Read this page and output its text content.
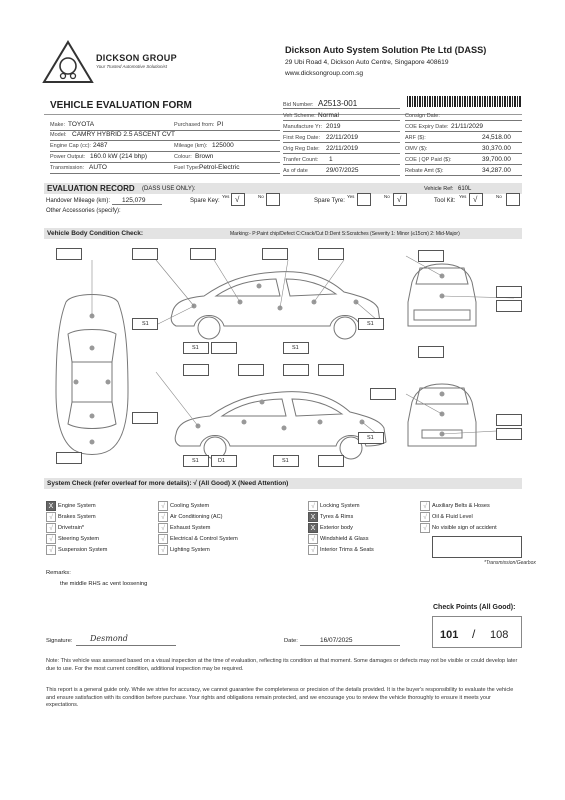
DICKSON GROUP
Your Trusted Automotive Solutionist
Dickson Auto System Solution Pte Ltd (DASS)
29 Ubi Road 4, Dickson Auto Centre, Singapore 408619
www.dicksongroup.com.sg
VEHICLE EVALUATION FORM	Bid Number: A2513-001
Make: TOYOTA
Model: CAMRY HYBRID 2.5 ASCENT CVT
Engine Cap (cc): 2487
Power Output: 160.0 kW (214 bhp)
Transmission: AUTO
Purchased from: PI
Mileage (km): 125000
Colour: Brown
Fuel Type: Petrol-Electric
Veh Scheme: Normal
Manufacture Yr: 2019
First Reg Date: 22/11/2019
Orig Reg Date: 22/11/2019
Tranfer Count: 1
As of date	29/07/2025
Consign Date:
COE Expiry Date: 21/11/2029
ARF ($):	24,518.00
OMV ($):	30,370.00
COE | QP Paid ($):	39,700.00
Rebate Amt ($):	34,287.00
EVALUATION RECORD (DASS USE ONLY):	Vehicle Ref: 610L
Handover Mileage (km): 125,079	Spare Key:
Yes √	No
Spare Tyre:
Yes	No √	Tool Kit:
Yes √	No
Other Accessories (specify):
Vehicle Body Condition Check:	Marking:- P:Paint chip/Defect C:Crack/Cut D:Dent S:Scratches (Severity 1: Minor (≤15cm) 2: Mid-Major)
S1	S1
S1	S1
S1
S1	D1	S1
System Check (refer overleaf for more details): √ (All Good) X (Need Attention)
*Transmission/Gearbox
Remarks:
the middle RHS ac vent loosening
Check Points (All Good):
101 / 108
Signature: Desmond	Date:	16/07/2025
Note: This vehicle was assessed based on a visual inspection at the time of evaluation, reflecting its condition at that moment. Some damages or defects may not be visible or could develop later due to use. For the most current condition, additional inspection may be required.
This report is a general guide only. While we strive for accuracy, we cannot guarantee the completeness or precision of the details provided. It is the buyer's responsibility to evaluate the vehicle and ensure satisfaction with its condition before purchase. Your rights and obligations remain protected, and we encourage you to review the vehicle thoroughly to ensure it meets your expectations.
X Engine System
√ Brakes System
√ Drivetrain*
√ Steering System
√ Suspension System
√ Cooling System
√ Air Conditioning (AC)
√ Exhaust System
√ Electrical & Control System
√ Lighting System
√ Locking System
X Tyres & Rims
X Exterior body
√ Windshield & Glass
√ Interior Trims & Seats
√ Auxiliary Belts & Hoses
√ Oil & Fluid Level
√ No visible sign of accident
